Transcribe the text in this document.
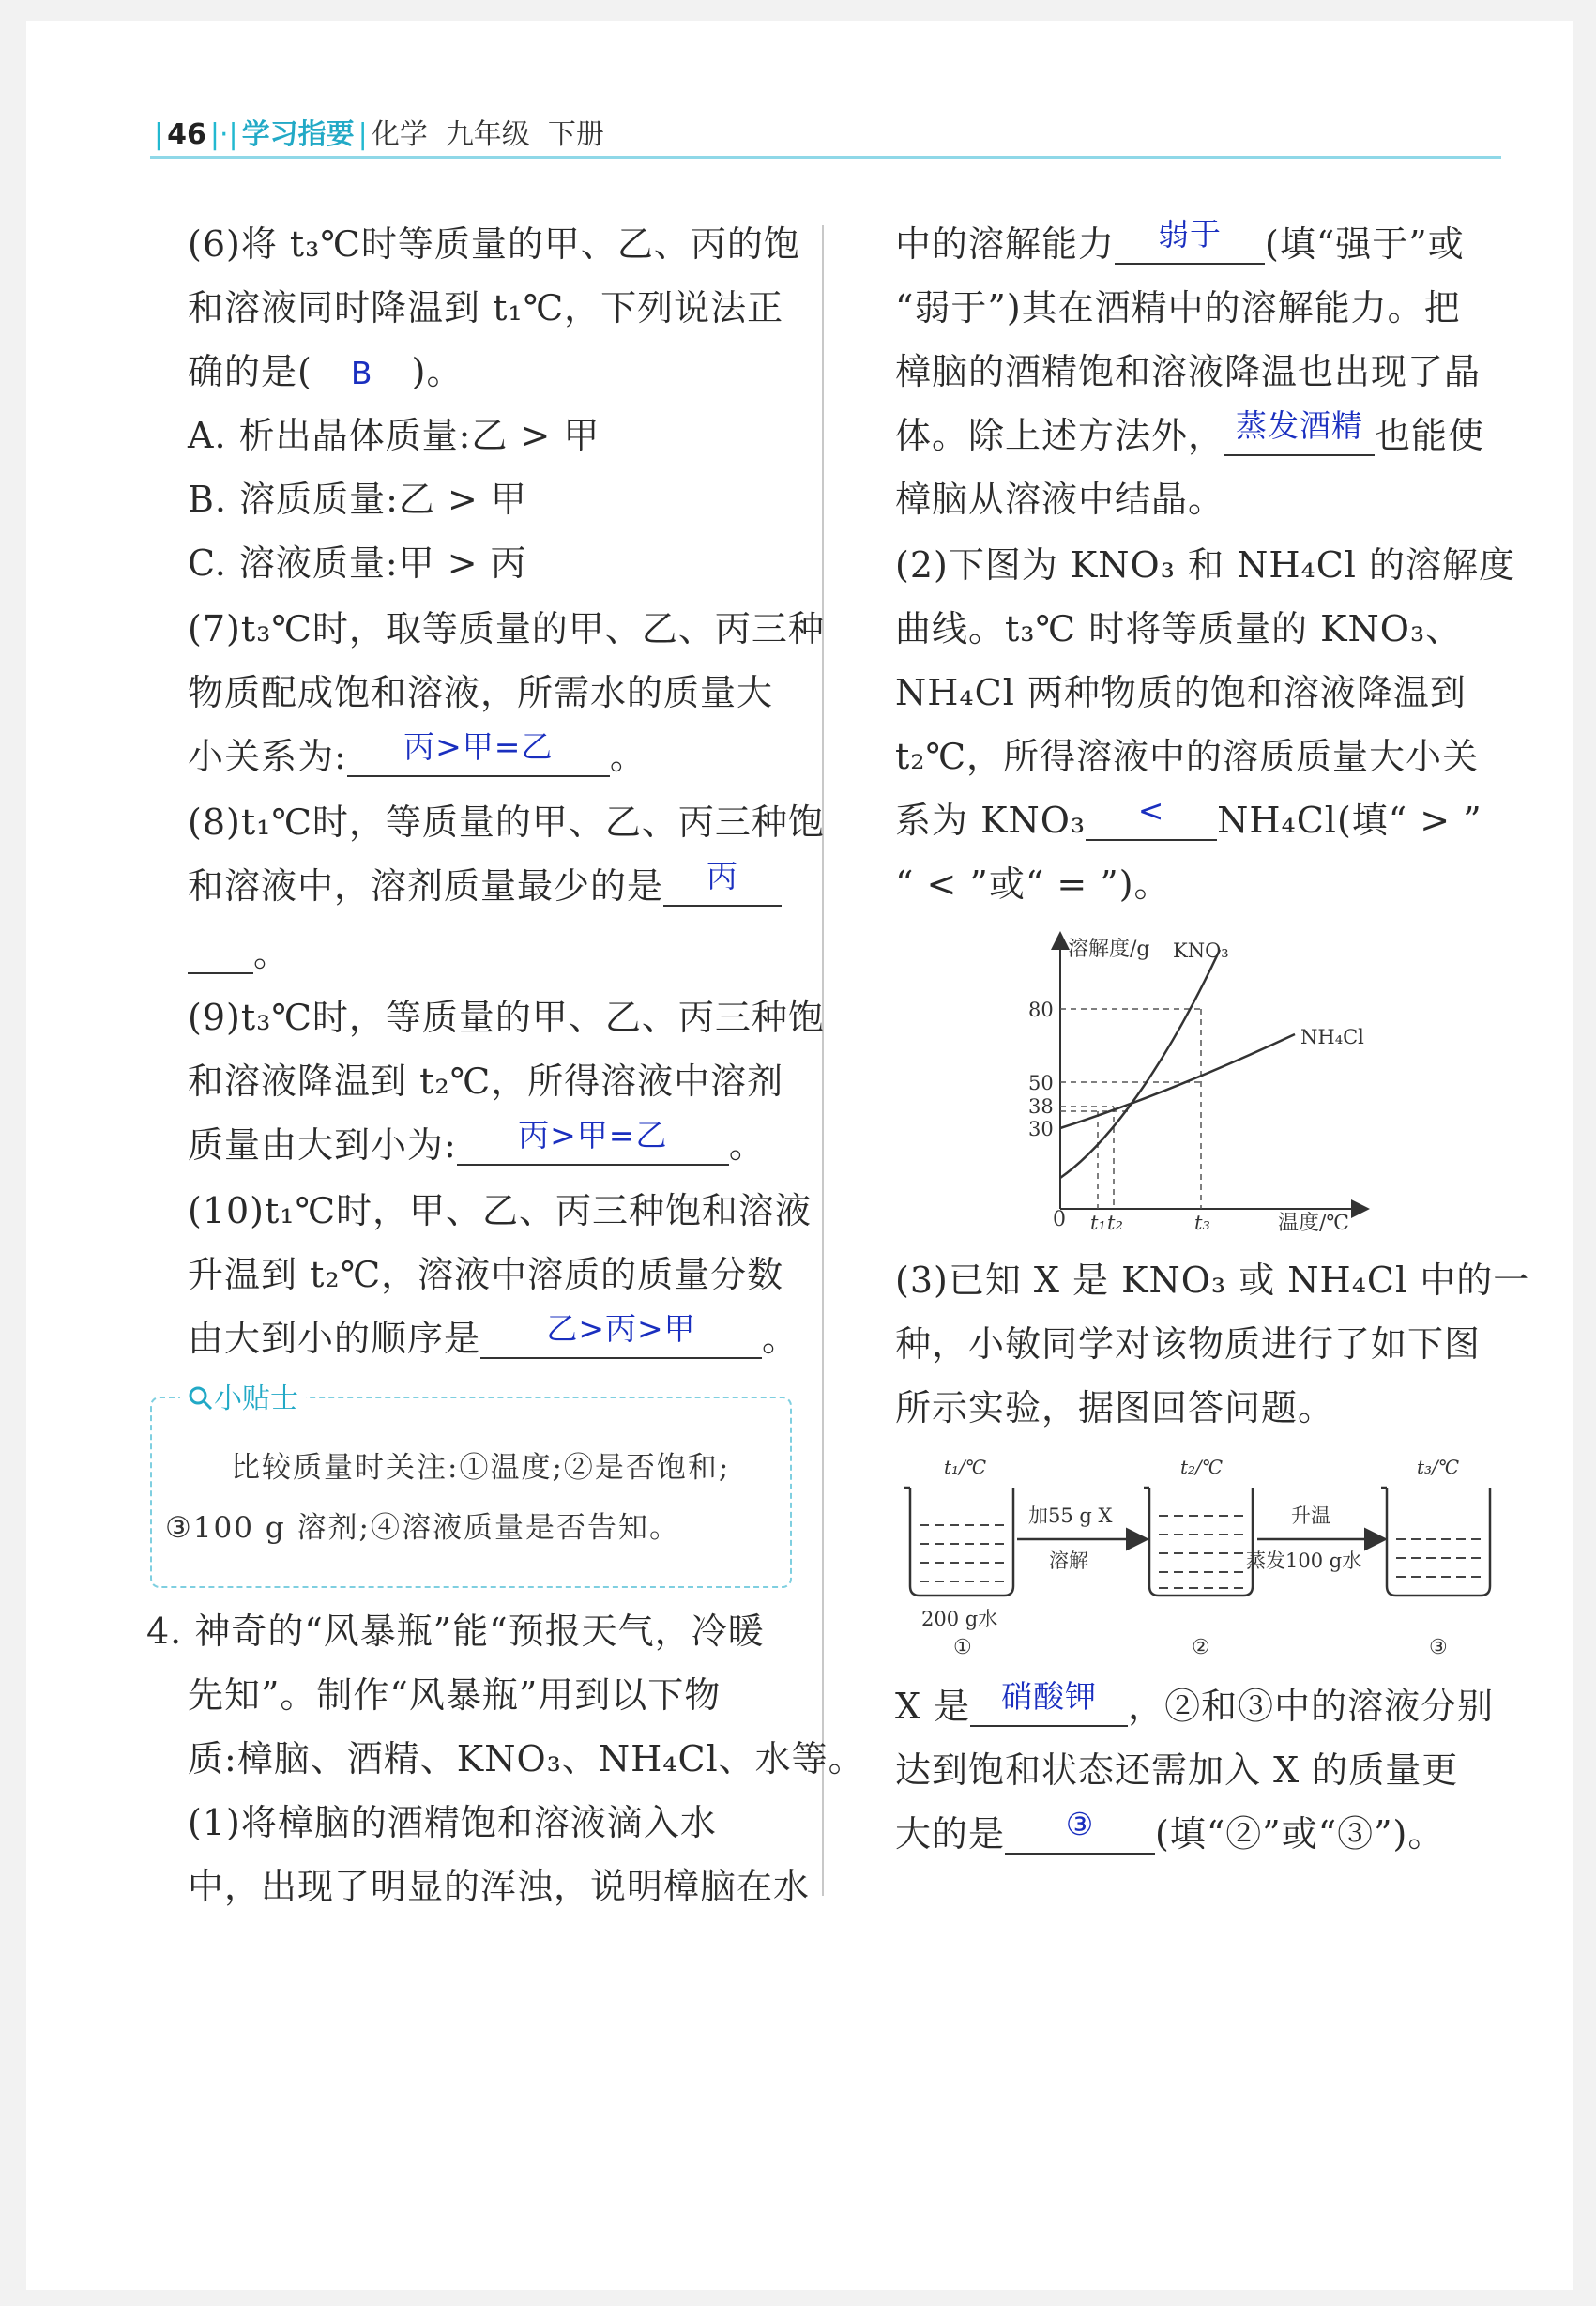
| 46 |·| 学习指要 | 化学 九年级 下册
(6)将 t₃℃时等质量的甲、乙、丙的饱
和溶液同时降温到 t₁℃，下列说法正
确的是( B )。
A. 析出晶体质量:乙 > 甲
B. 溶质质量:乙 > 甲
C. 溶液质量:甲 > 丙
(7)t₃℃时，取等质量的甲、乙、丙三种
物质配成饱和溶液，所需水的质量大
小关系为:	丙>甲=乙	。
(8)t₁℃时，等质量的甲、乙、丙三种饱
和溶液中，溶剂质量最少的是	丙
。
(9)t₃℃时，等质量的甲、乙、丙三种饱
和溶液降温到 t₂℃，所得溶液中溶剂
质量由大到小为:	丙>甲=乙	。
(10)t₁℃时，甲、乙、丙三种饱和溶液
升温到 t₂℃，溶液中溶质的质量分数
由大到小的顺序是	乙>丙>甲	。
小贴士
比较质量时关注:①温度;②是否饱和;
③100 g 溶剂;④溶液质量是否告知。
4. 神奇的“风暴瓶”能“预报天气，冷暖
先知”。制作“风暴瓶”用到以下物
质:樟脑、酒精、KNO₃、NH₄Cl、水等。
(1)将樟脑的酒精饱和溶液滴入水
中，出现了明显的浑浊，说明樟脑在水
中的溶解能力	弱于	(填“强于”或
“弱于”)其在酒精中的溶解能力。把
樟脑的酒精饱和溶液降温也出现了晶
体。除上述方法外， 蒸发酒精 也能使
樟脑从溶液中结晶。
(2)下图为 KNO₃ 和 NH₄Cl 的溶解度
曲线。t₃℃ 时将等质量的 KNO₃、
NH₄Cl 两种物质的饱和溶液降温到
t₂℃，所得溶液中的溶质质量大小关
系为 KNO₃	<	NH₄Cl(填“ > ”
“ < ”或“ = ”)。
溶解度/g
温度/℃
0
80
50
38
30
t₁ t₂	t₃
KNO₃
NH₄Cl
(3)已知 X 是 KNO₃ 或 NH₄Cl 中的一
种，小敏同学对该物质进行了如下图
所示实验，据图回答问题。
t₁/℃
200 g水
①
加55 g X
溶解
t₂/℃
②
升温
蒸发100 g水
t₃/℃
③
X 是	硝酸钾 ，②和③中的溶液分别
达到饱和状态还需加入 X 的质量更
大的是	③	(填“②”或“③”)。
